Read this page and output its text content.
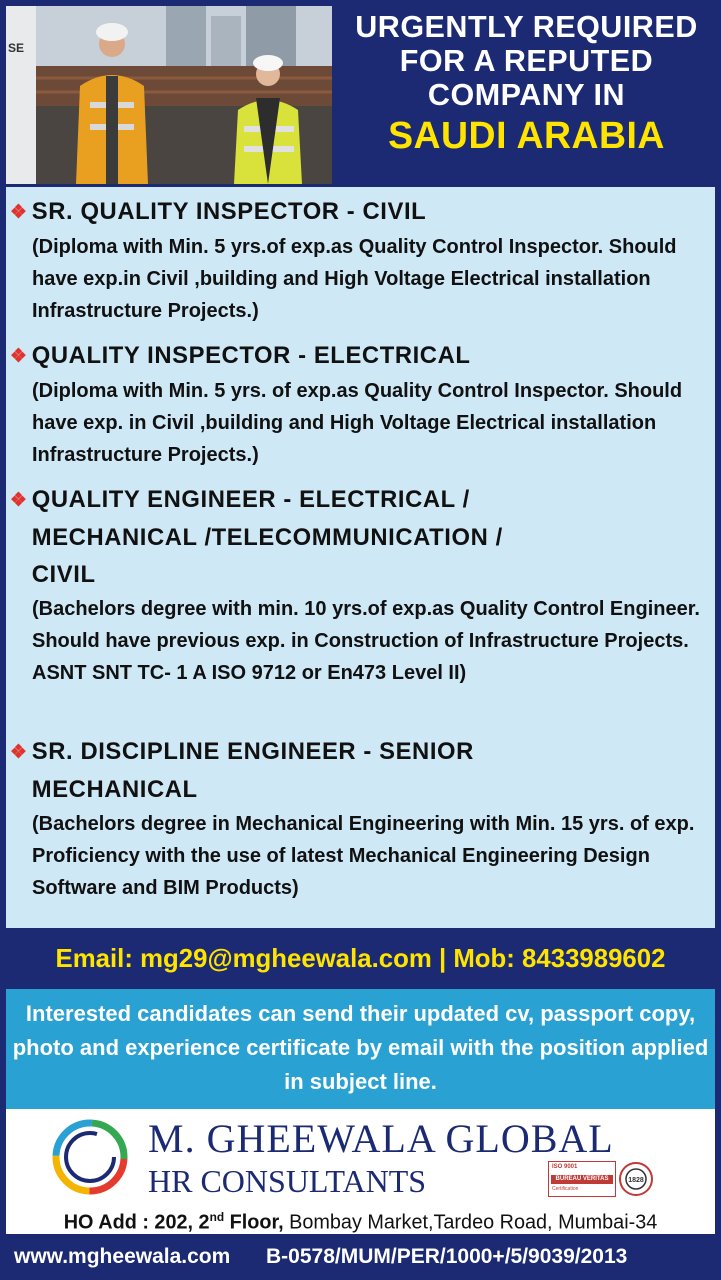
SE
URGENTLY REQUIRED
FOR A REPUTED
COMPANY IN
SAUDI ARABIA
❖ SR. QUALITY INSPECTOR - CIVIL
(Diploma with Min. 5 yrs.of exp.as Quality Control Inspector. Should have exp.in Civil ,building and High Voltage Electrical installation Infrastructure Projects.)
❖ QUALITY INSPECTOR - ELECTRICAL
(Diploma with Min. 5 yrs. of exp.as Quality Control Inspector. Should have exp. in Civil ,building and High Voltage Electrical installation Infrastructure Projects.)
❖ QUALITY ENGINEER - ELECTRICAL /
MECHANICAL /TELECOMMUNICATION /
CIVIL
(Bachelors degree with min. 10 yrs.of exp.as Quality Control Engineer. Should have previous exp. in Construction of Infrastructure Projects. ASNT SNT TC- 1 A ISO 9712 or En473 Level II)
❖ SR. DISCIPLINE ENGINEER - SENIOR
MECHANICAL
(Bachelors degree in Mechanical Engineering with Min. 15 yrs. of exp. Proficiency with the use of latest Mechanical Engineering Design Software and BIM Products)
Email: mg29@mgheewala.com | Mob: 8433989602

Interested candidates can send their updated cv, passport copy, photo and experience certificate by email with the position applied in subject line.

M. GHEEWALA GLOBAL
HR CONSULTANTS	ISO 9001
BUREAU VERITAS
Certification
1828
HO Add : 202, 2nd Floor, Bombay Market,Tardeo Road, Mumbai-34
www.mgheewala.com B-0578/MUM/PER/1000+/5/9039/2013
